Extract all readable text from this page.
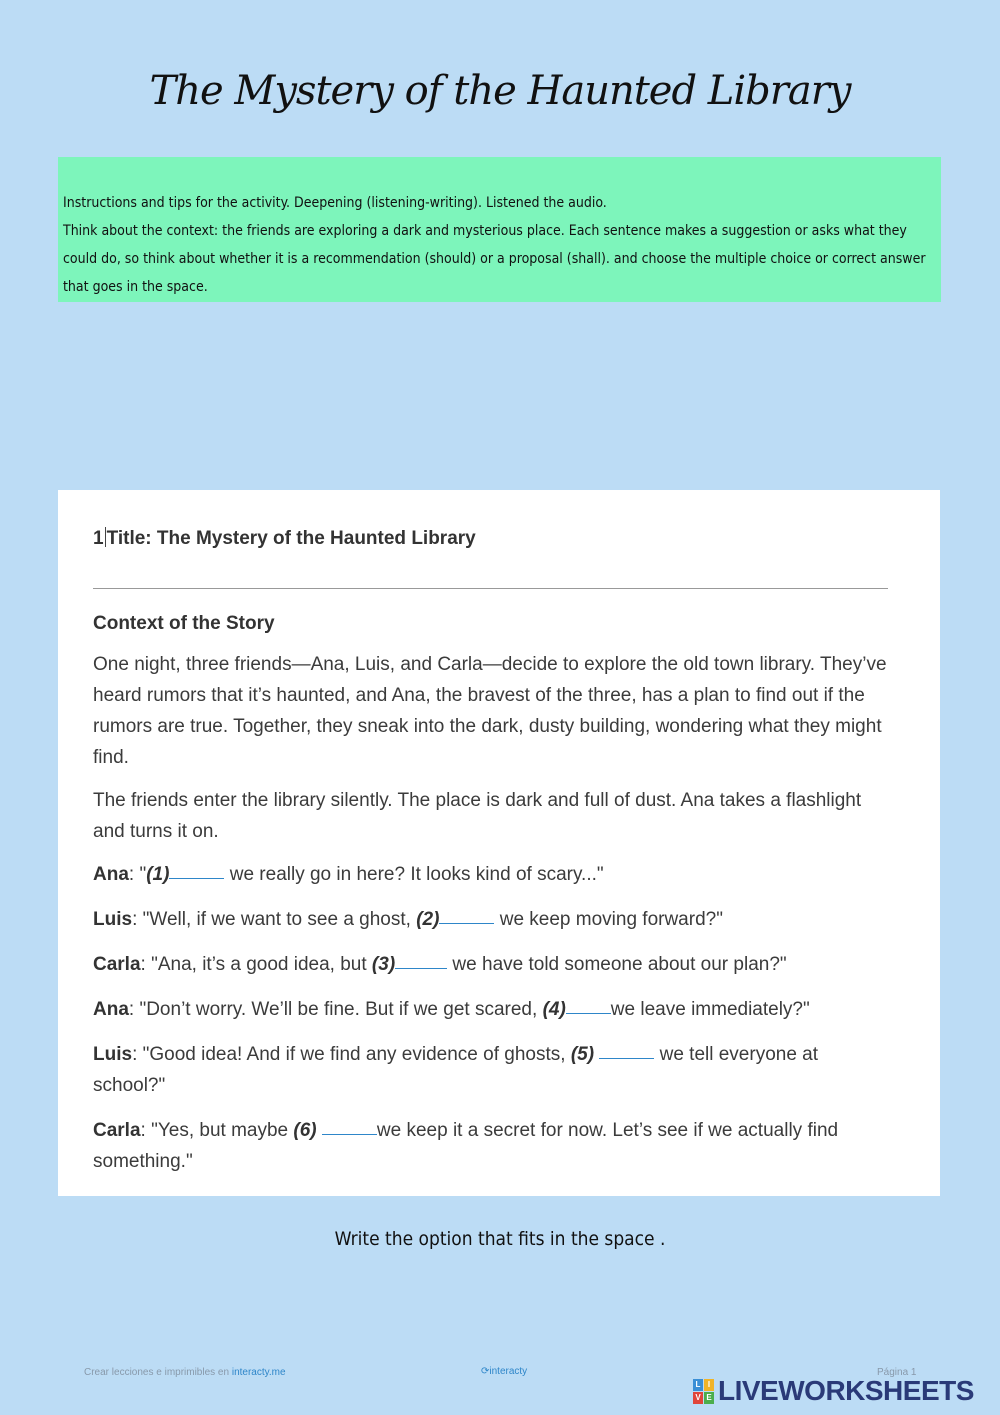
The Mystery of the Haunted Library

Instructions and tips for the activity. Deepening (listening-writing). Listened the audio.

Think about the context: the friends are exploring a dark and mysterious place. Each sentence makes a suggestion or asks what they could do, so think about whether it is a recommendation (should) or a proposal (shall). and choose the multiple choice or correct answer that goes in the space.

1 Title: The Mystery of the Haunted Library
Context of the Story

One night, three friends—Ana, Luis, and Carla—decide to explore the old town library. They’ve heard rumors that it’s haunted, and Ana, the bravest of the three, has a plan to find out if the rumors are true. Together, they sneak into the dark, dusty building, wondering what they might find.

The friends enter the library silently. The place is dark and full of dust. Ana takes a flashlight and turns it on.

Ana: "(1)	we really go in here? It looks kind of scary..."

Luis: "Well, if we want to see a ghost, (2)	we keep moving forward?"

Carla: "Ana, it’s a good idea, but (3)	we have told someone about our plan?"

Ana: "Don’t worry. We’ll be fine. But if we get scared, (4) we leave immediately?"

Luis: "Good idea! And if we find any evidence of ghosts, (5)	we tell everyone at school?"

Carla: "Yes, but maybe (6)	we keep it a secret for now. Let’s see if we actually find something."

Write the option that fits in the space .
Crear lecciones e imprimibles en interacty.me	⟳interacty	Página 1
L I
V E LIVEWORKSHEETS
